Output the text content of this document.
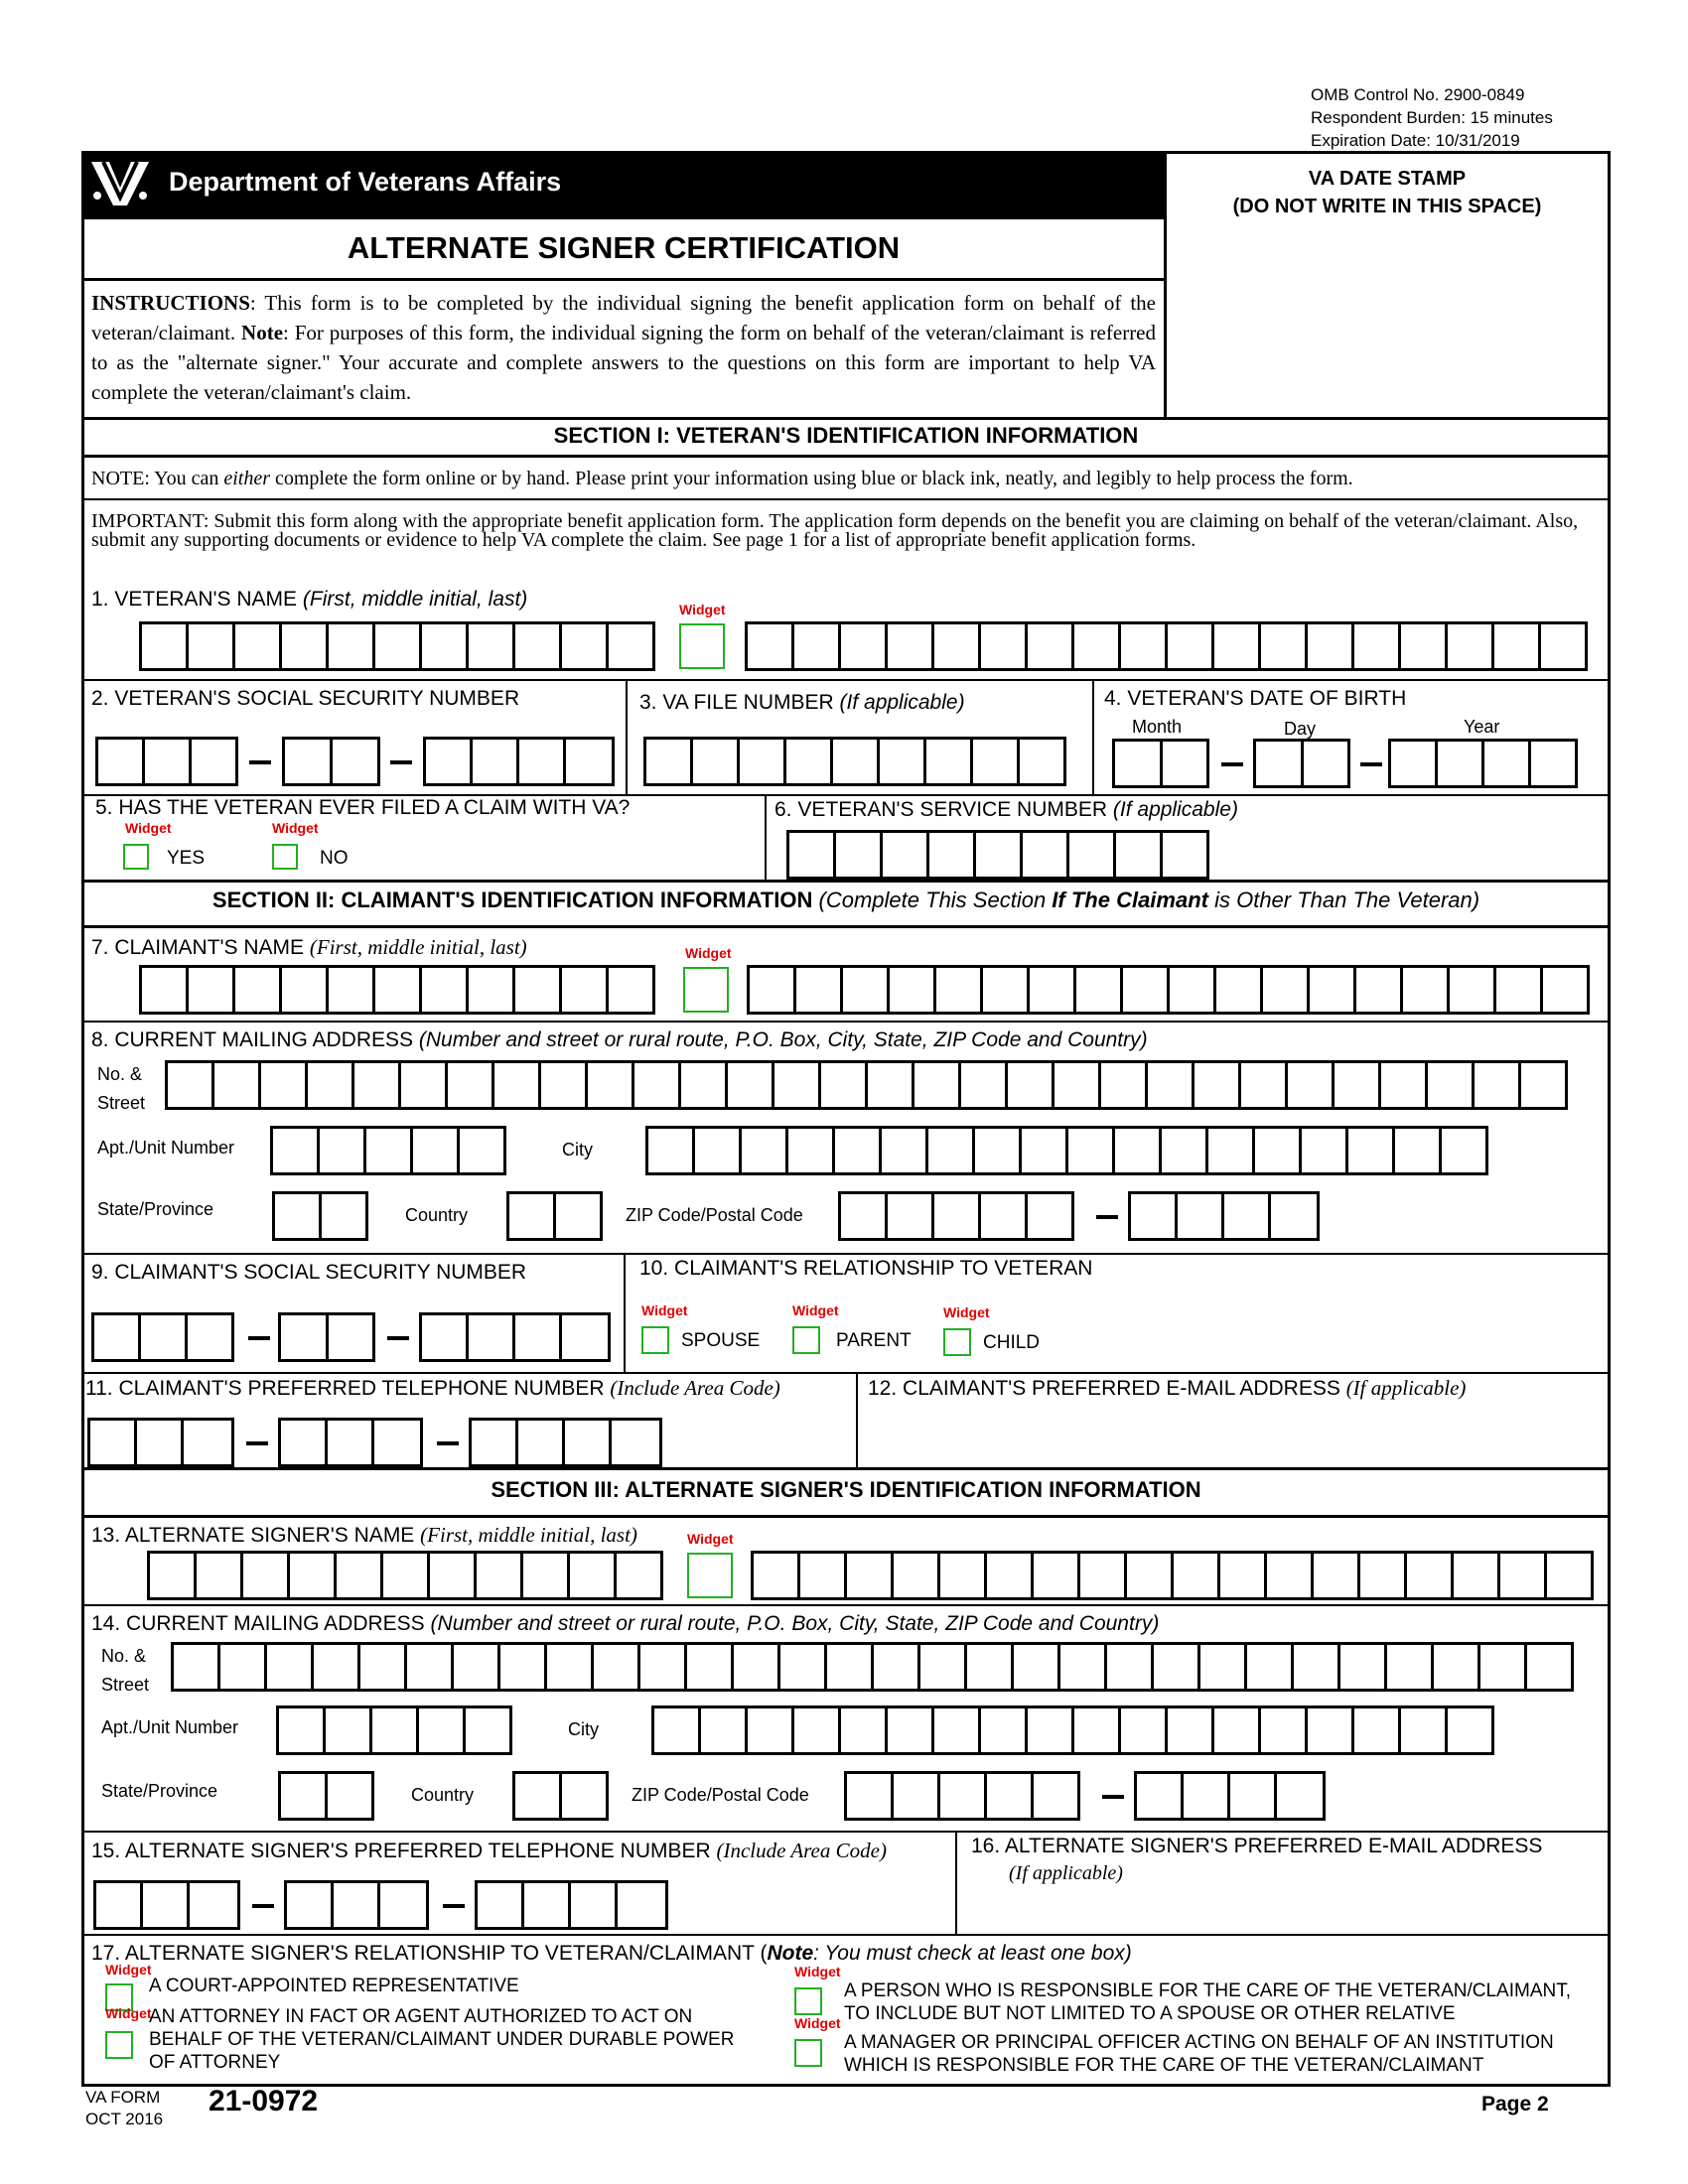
OMB Control No. 2900-0849
Respondent Burden: 15 minutes
Expiration Date: 10/31/2019
Department of Veterans Affairs
ALTERNATE SIGNER CERTIFICATION
VA DATE STAMP
(DO NOT WRITE IN THIS SPACE)
INSTRUCTIONS: This form is to be completed by the individual signing the benefit application form on behalf of the veteran/claimant. Note: For purposes of this form, the individual signing the form on behalf of the veteran/claimant is referred to as the "alternate signer." Your accurate and complete answers to the questions on this form are important to help VA complete the veteran/claimant's claim.
SECTION I: VETERAN'S IDENTIFICATION INFORMATION
NOTE: You can either complete the form online or by hand. Please print your information using blue or black ink, neatly, and legibly to help process the form.
IMPORTANT: Submit this form along with the appropriate benefit application form. The application form depends on the benefit you are claiming on behalf of the veteran/claimant. Also, submit any supporting documents or evidence to help VA complete the claim. See page 1 for a list of appropriate benefit application forms.
1. VETERAN'S NAME (First, middle initial, last)	Widget
2. VETERAN'S SOCIAL SECURITY NUMBER	3. VA FILE NUMBER (If applicable)	4. VETERAN'S DATE OF BIRTH
Month	Day	Year
5. HAS THE VETERAN EVER FILED A CLAIM WITH VA?
Widget
YES
Widget
NO
6. VETERAN'S SERVICE NUMBER (If applicable)
SECTION II: CLAIMANT'S IDENTIFICATION INFORMATION (Complete This Section If The Claimant is Other Than The Veteran)
7. CLAIMANT'S NAME (First, middle initial, last)	Widget
8. CURRENT MAILING ADDRESS (Number and street or rural route, P.O. Box, City, State, ZIP Code and Country)
No. &
Street
Apt./Unit Number	City
State/Province	Country	ZIP Code/Postal Code
9. CLAIMANT'S SOCIAL SECURITY NUMBER	10. CLAIMANT'S RELATIONSHIP TO VETERAN
Widget
SPOUSE
Widget
PARENT
Widget
CHILD
11. CLAIMANT'S PREFERRED TELEPHONE NUMBER (Include Area Code)	12. CLAIMANT'S PREFERRED E-MAIL ADDRESS (If applicable)
SECTION III: ALTERNATE SIGNER'S IDENTIFICATION INFORMATION
13. ALTERNATE SIGNER'S NAME (First, middle initial, last)	Widget
14. CURRENT MAILING ADDRESS (Number and street or rural route, P.O. Box, City, State, ZIP Code and Country)
No. &
Street
Apt./Unit Number	City
State/Province	Country	ZIP Code/Postal Code
15. ALTERNATE SIGNER'S PREFERRED TELEPHONE NUMBER (Include Area Code)	16. ALTERNATE SIGNER'S PREFERRED E-MAIL ADDRESS
(If applicable)
17. ALTERNATE SIGNER'S RELATIONSHIP TO VETERAN/CLAIMANT (Note: You must check at least one box)
Widget
A COURT-APPOINTED REPRESENTATIVE
Widget
AN ATTORNEY IN FACT OR AGENT AUTHORIZED TO ACT ON
BEHALF OF THE VETERAN/CLAIMANT UNDER DURABLE POWER
OF ATTORNEY
Widget
A PERSON WHO IS RESPONSIBLE FOR THE CARE OF THE VETERAN/CLAIMANT,
TO INCLUDE BUT NOT LIMITED TO A SPOUSE OR OTHER RELATIVE
Widget
A MANAGER OR PRINCIPAL OFFICER ACTING ON BEHALF OF AN INSTITUTION
WHICH IS RESPONSIBLE FOR THE CARE OF THE VETERAN/CLAIMANT
VA FORM
OCT 2016
21-0972	Page 2
